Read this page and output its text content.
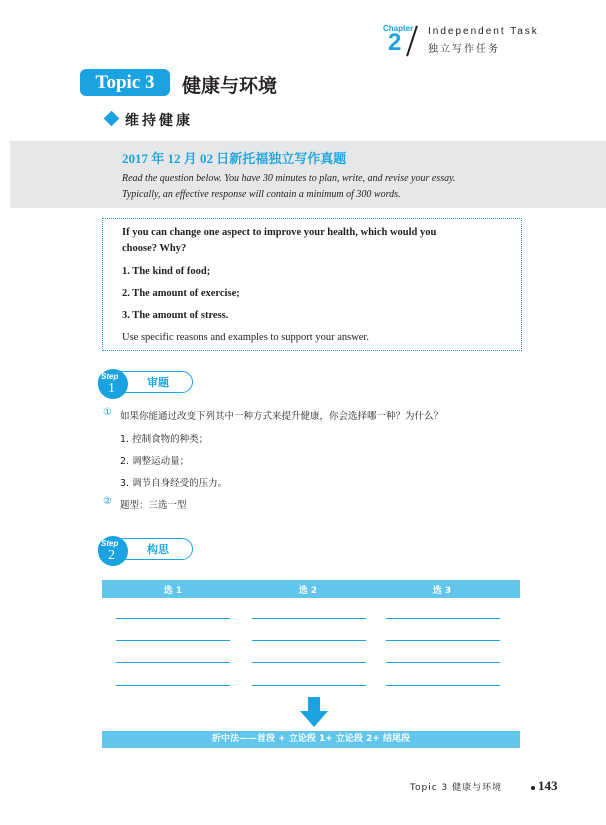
Chapter
2	Independent Task
独立写作任务
Topic 3	健康与环境
维持健康
2017 年 12 月 02 日新托福独立写作真题
Read the question below. You have 30 minutes to plan, write, and revise your essay.
Typically, an effective response will contain a minimum of 300 words.
If you can change one aspect to improve your health, which would you
choose? Why?
1. The kind of food;
2. The amount of exercise;
3. The amount of stress.
Use specific reasons and examples to support your answer.
Step
1	审题
① 如果你能通过改变下列其中一种方式来提升健康，你会选择哪一种？为什么？
1. 控制食物的种类；
2. 调整运动量；
3. 调节自身经受的压力。
② 题型：三选一型
Step
2	构思
选 1	选 2	选 3
折中法——首段 + 立论段 1+ 立论段 2+ 结尾段
Topic 3 健康与环境	143
